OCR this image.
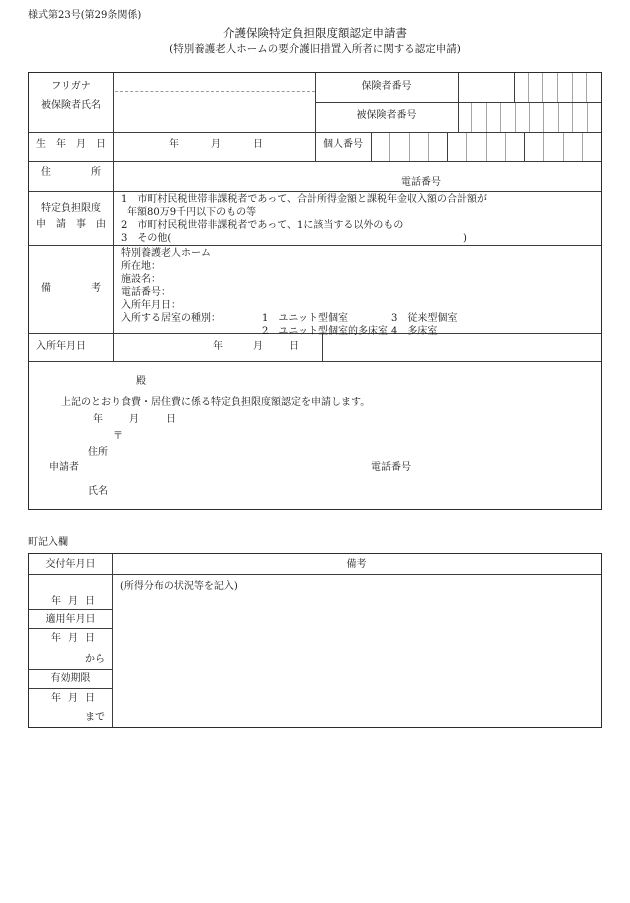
様式第23号(第29条関係)
介護保険特定負担限度額認定申請書
(特別養護老人ホームの要介護旧措置入所者に関する認定申請)
フリガナ
被保険者氏名
保険者番号
被保険者番号
生　年　月　日	年	月	日	個人番号
住　　　　所
電話番号
特定負担限度
申　請　事　由
1　市町村民税世帯非課税者であって、合計所得金額と課税年金収入額の合計額が
年額80万9千円以下のもの等
2　市町村民税世帯非課税者であって、1に該当する以外のもの
3　その他(	)
備　　　　考
特別養護老人ホーム
所在地：
施設名：
電話番号：
入所年月日：
入所する居室の種別：	1　ユニット型個室	3　従来型個室
2　ユニット型個室的多床室 4　多床室
入所年月日	年	月	日
殿
上記のとおり食費・居住費に係る特定負担限度額認定を申請します。
年	月	日
〒
住所
申請者	電話番号
氏名
町記入欄
交付年月日	備考
(所得分布の状況等を記入)
年 月 日
適用年月日
年 月 日
から
有効期限
年 月 日
まで
